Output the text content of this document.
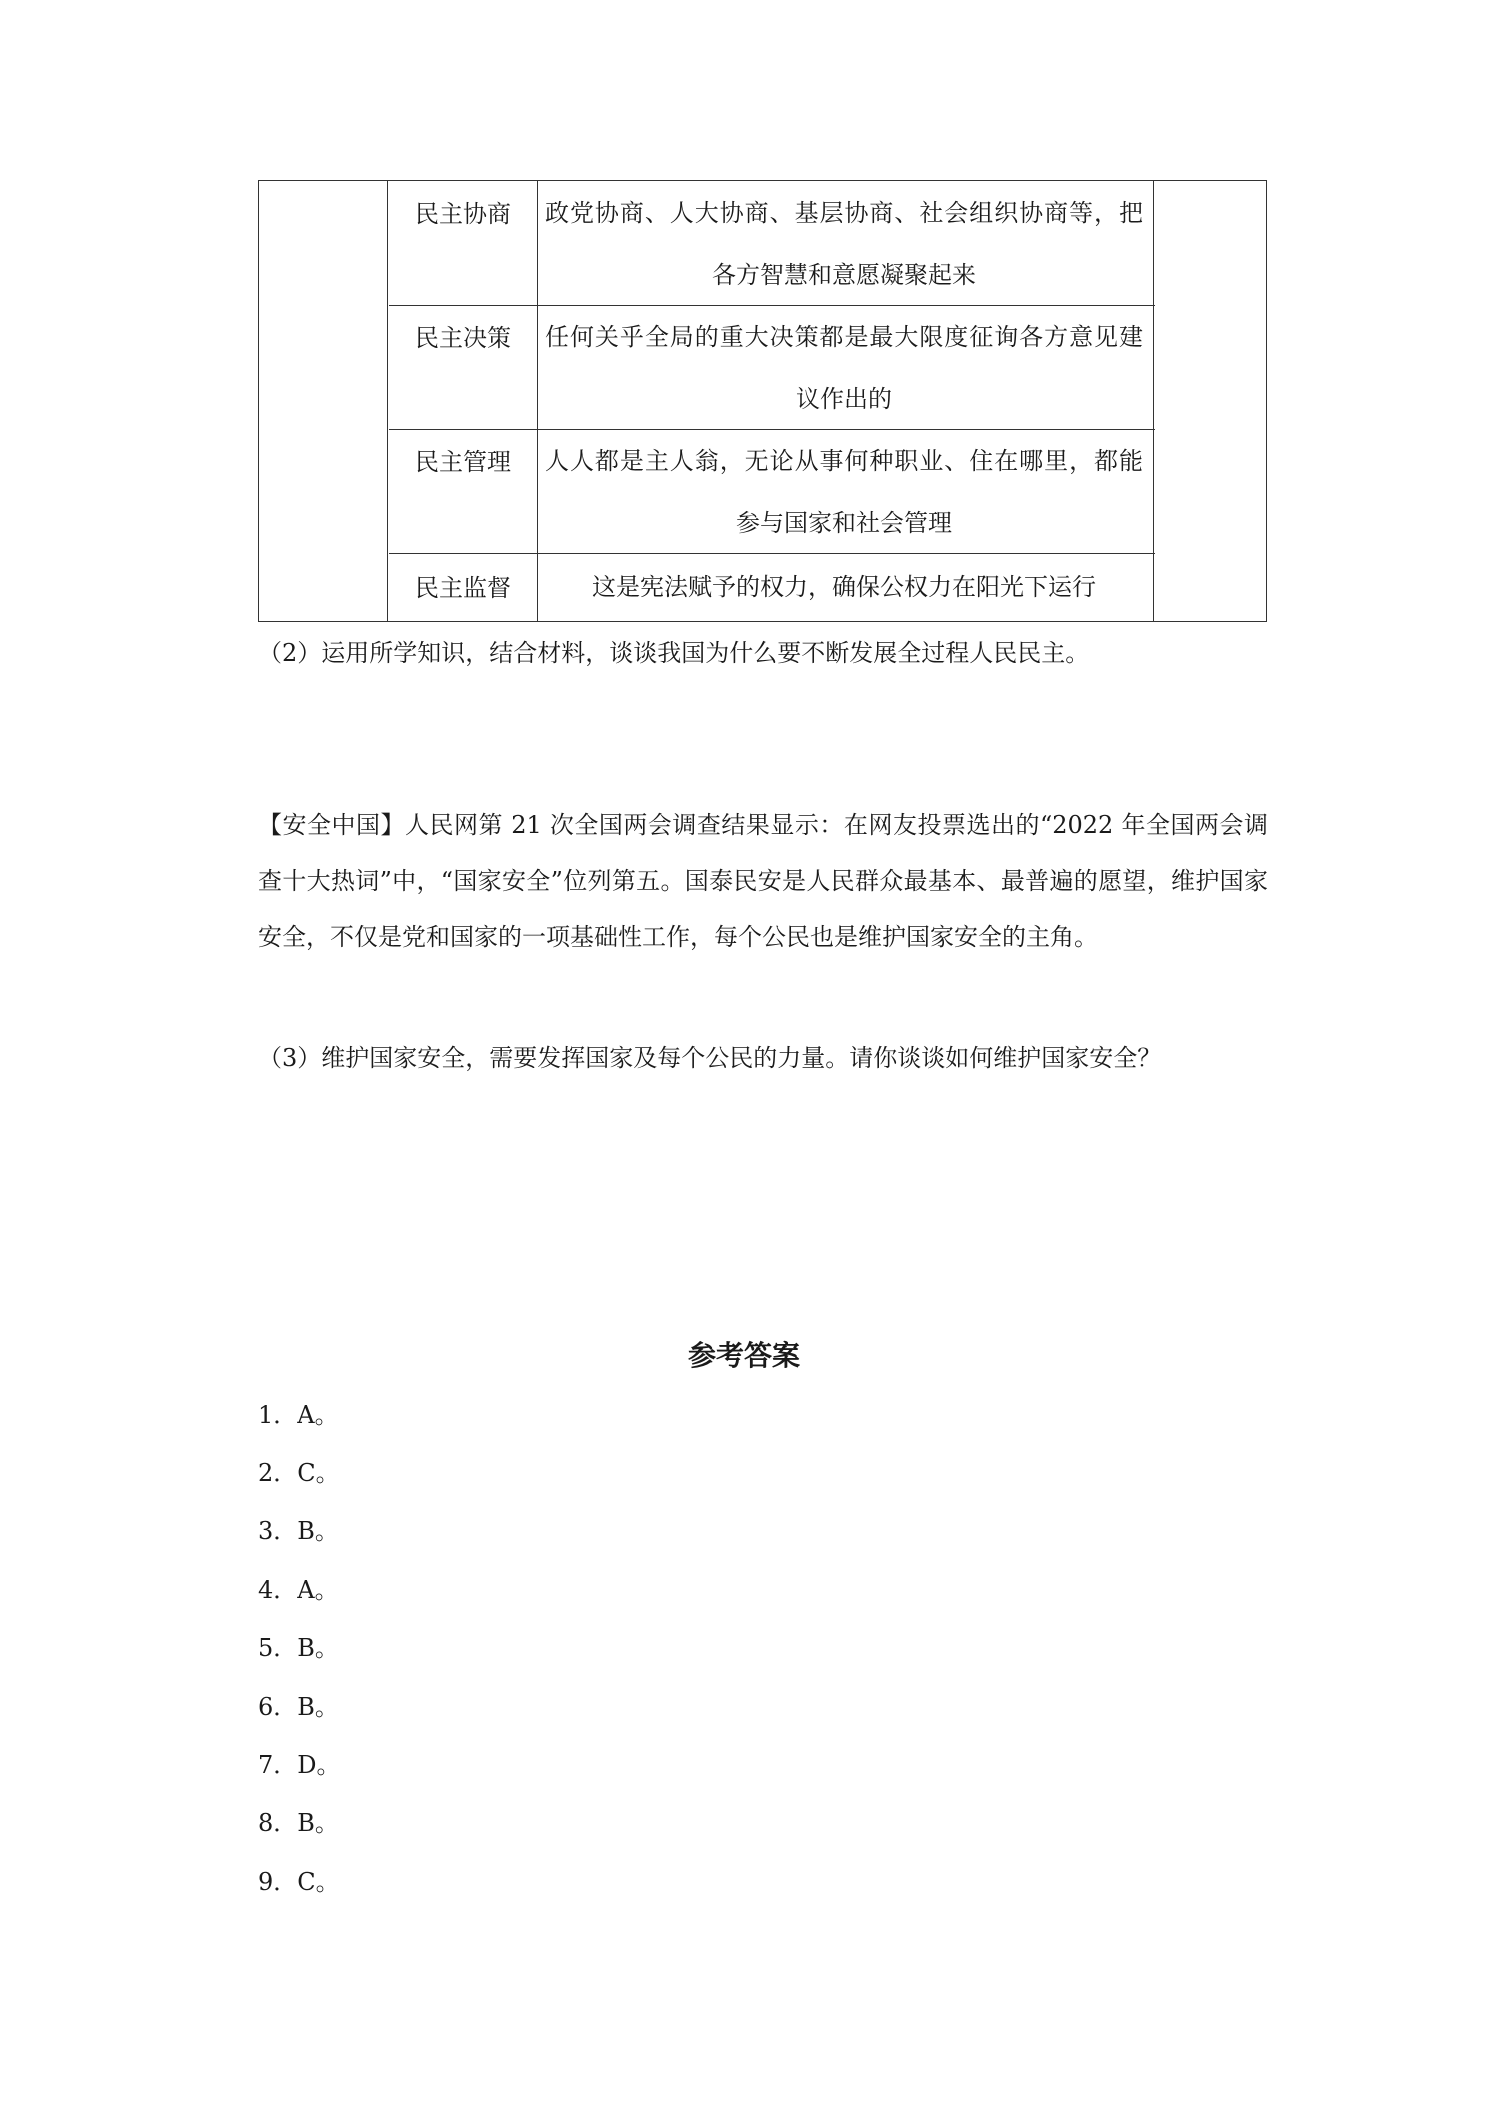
民主协商	政党协商、人大协商、基层协商、社会组织协商等，把各方智慧和意愿凝聚起来
民主决策	任何关乎全局的重大决策都是最大限度征询各方意见建议作出的
民主管理	人人都是主人翁，无论从事何种职业、住在哪里，都能参与国家和社会管理
民主监督	这是宪法赋予的权力，确保公权力在阳光下运行
（2）运用所学知识，结合材料，谈谈我国为什么要不断发展全过程人民民主。
【安全中国】人民网第 21 次全国两会调查结果显示：在网友投票选出的“2022 年全国两会调查十大热词”中，“国家安全”位列第五。国泰民安是人民群众最基本、最普遍的愿望，维护国家安全，不仅是党和国家的一项基础性工作，每个公民也是维护国家安全的主角。
（3）维护国家安全，需要发挥国家及每个公民的力量。请你谈谈如何维护国家安全？
参考答案
1．A。
2．C。
3．B。
4．A。
5．B。
6．B。
7．D。
8．B。
9．C。
